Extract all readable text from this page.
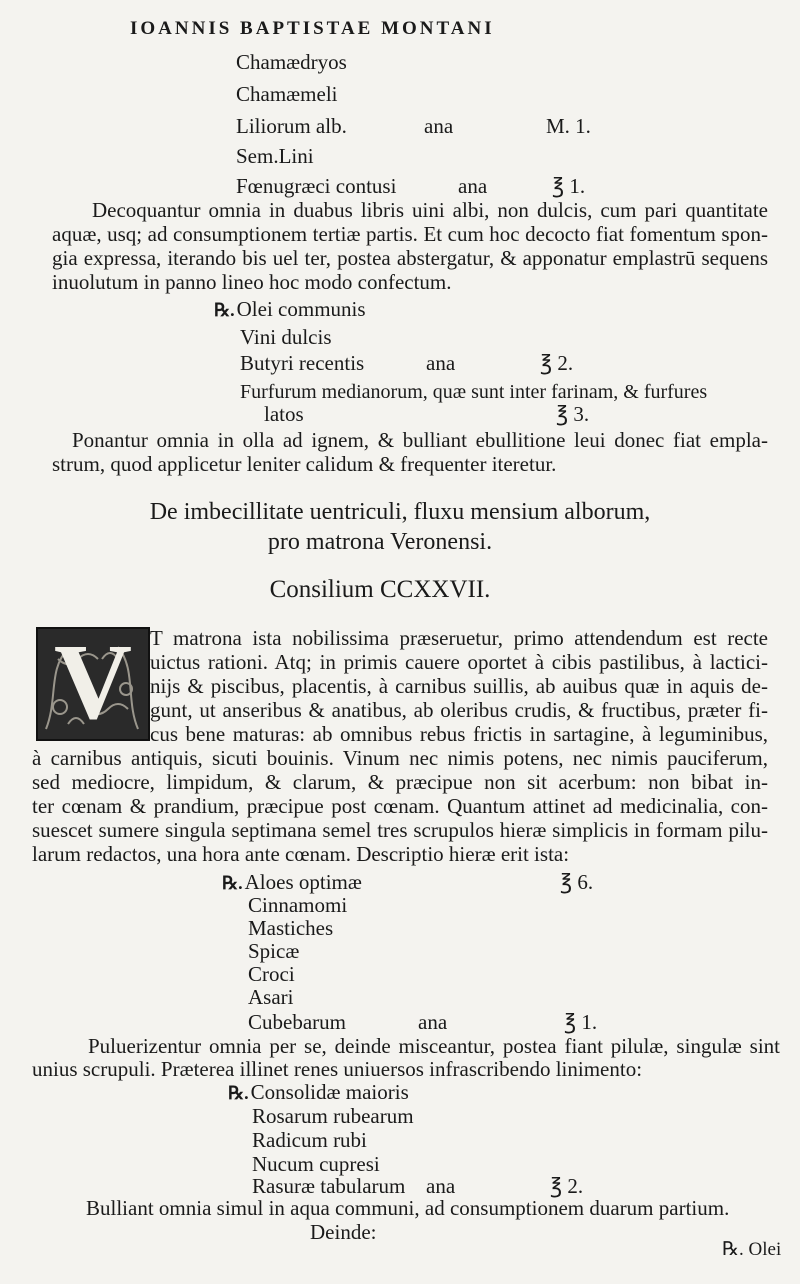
IOANNIS BAPTISTAE MONTANI
Chamædryos
Chamæmeli
Liliorum alb.	ana	M. 1.
Sem.Lini
Fœnugræci contusi	ana	℥ 1.
Decoquantur omnia in duabus libris uini albi, non dulcis, cum pari quantitate
aquæ, usq; ad consumptionem tertiæ partis. Et cum hoc decocto fiat fomentum spon-
gia expressa, iterando bis uel ter, postea abstergatur, & apponatur emplastrū sequens
inuolutum in panno lineo hoc modo confectum.
℞.Olei communis
Vini dulcis
Butyri recentis	ana	℥ 2.
Furfurum medianorum, quæ sunt inter farinam, & furfures
latos	℥ 3.
Ponantur omnia in olla ad ignem, & bulliant ebullitione leui donec fiat empla-
strum, quod applicetur leniter calidum & frequenter iteretur.
De imbecillitate uentriculi, fluxu mensium alborum,
pro matrona Veronensi.
Consilium CCXXVII.
V T matrona ista nobilissima præseruetur, primo attendendum est recte
uictus rationi. Atq; in primis cauere oportet à cibis pastilibus, à lactici-
nijs & piscibus, placentis, à carnibus suillis, ab auibus quæ in aquis de-
gunt, ut anseribus & anatibus, ab oleribus crudis, & fructibus, præter fi-
cus bene maturas: ab omnibus rebus frictis in sartagine, à leguminibus,
à carnibus antiquis, sicuti bouinis. Vinum nec nimis potens, nec nimis pauciferum,
sed mediocre, limpidum, & clarum, & præcipue non sit acerbum: non bibat in-
ter cœnam & prandium, præcipue post cœnam. Quantum attinet ad medicinalia, con-
suescet sumere singula septimana semel tres scrupulos hieræ simplicis in formam pilu-
larum redactos, una hora ante cœnam. Descriptio hieræ erit ista:
℞.Aloes optimæ	℥ 6.
Cinnamomi
Mastiches
Spicæ
Croci
Asari
Cubebarum	ana	℥ 1.
Puluerizentur omnia per se, deinde misceantur, postea fiant pilulæ, singulæ sint
unius scrupuli. Præterea illinet renes uniuersos infrascribendo linimento:
℞.Consolidæ maioris
Rosarum rubearum
Radicum rubi
Nucum cupresi
Rasuræ tabularum ana	℥ 2.
Bulliant omnia simul in aqua communi, ad consumptionem duarum partium.
Deinde:
℞. Olei
